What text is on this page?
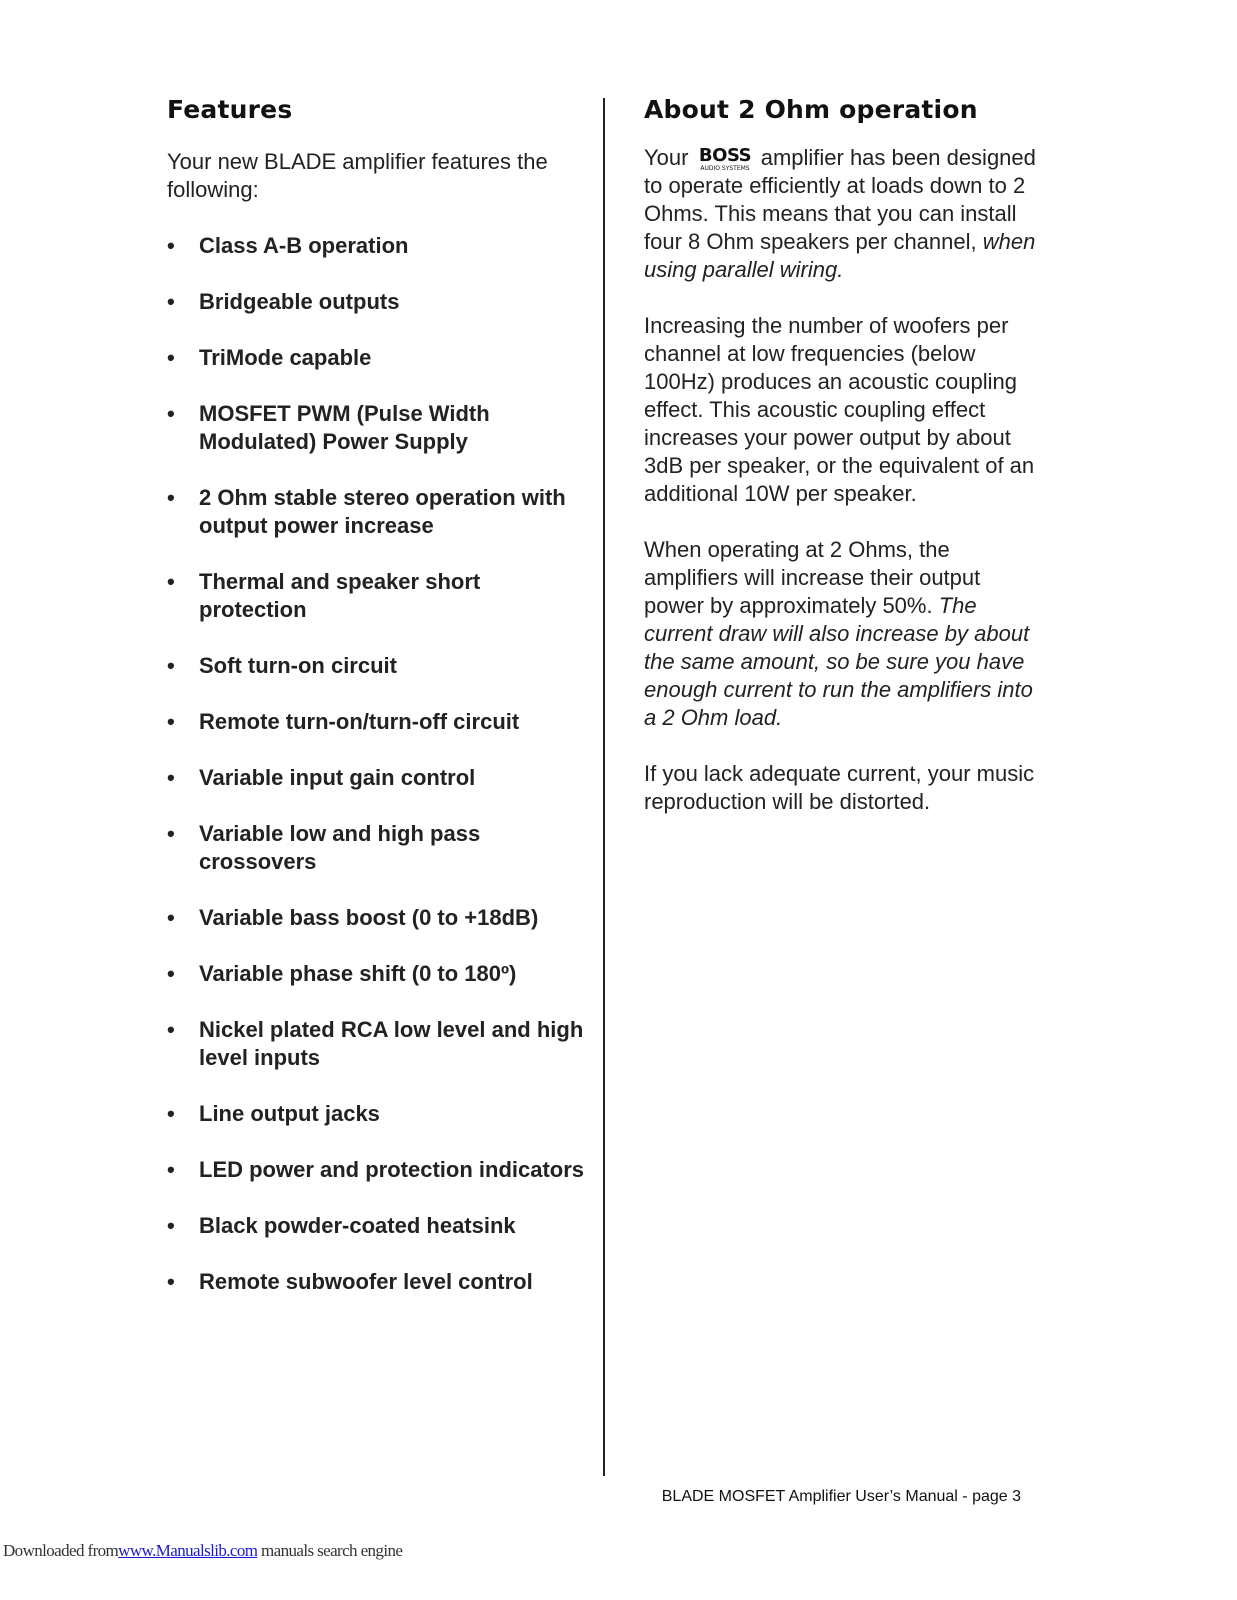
Features

Your new BLADE amplifier features the following:

• Class A-B operation
• Bridgeable outputs
• TriMode capable
• MOSFET PWM (Pulse Width Modulated) Power Supply
• 2 Ohm stable stereo operation with output power increase
• Thermal and speaker short protection
• Soft turn-on circuit
• Remote turn-on/turn-off circuit
• Variable input gain control
• Variable low and high pass crossovers
• Variable bass boost (0 to +18dB)
• Variable phase shift (0 to 180º)
• Nickel plated RCA low level and high level inputs
• Line output jacks
• LED power and protection indicators
• Black powder-coated heatsink
• Remote subwoofer level control
About 2 Ohm operation

Your BOSS
AUDIO SYSTEMS amplifier has been designed to operate efficiently at loads down to 2 Ohms. This means that you can install four 8 Ohm speakers per channel, when using parallel wiring.

Increasing the number of woofers per channel at low frequencies (below 100Hz) produces an acoustic coupling effect. This acoustic coupling effect increases your power output by about 3dB per speaker, or the equivalent of an additional 10W per speaker.

When operating at 2 Ohms, the amplifiers will increase their output power by approximately 50%. The current draw will also increase by about the same amount, so be sure you have enough current to run the amplifiers into a 2 Ohm load.

If you lack adequate current, your music reproduction will be distorted.

BLADE MOSFET Amplifier User’s Manual - page 3
Downloaded fromwww.Manualslib.com manuals search engine
